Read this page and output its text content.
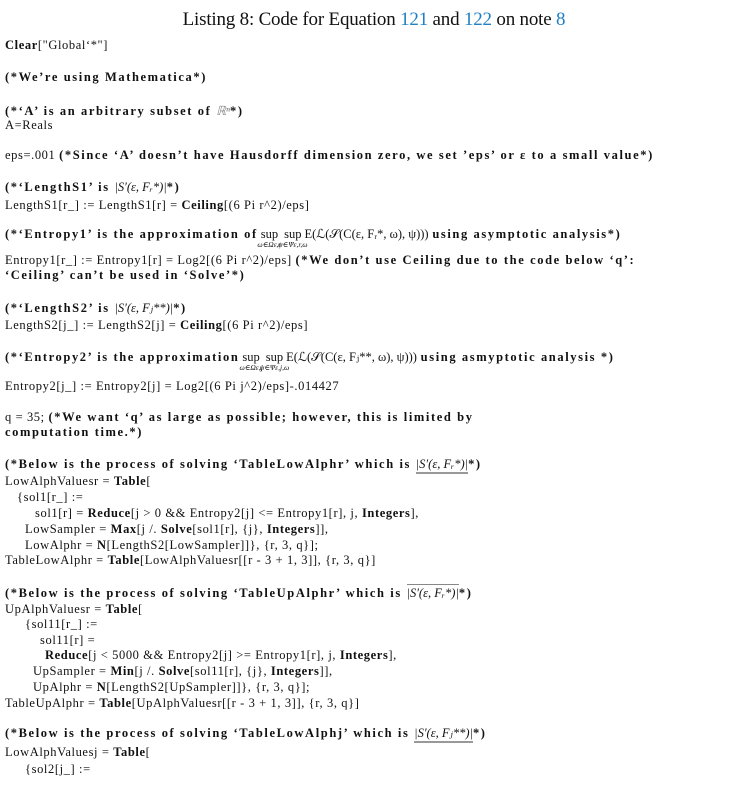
Listing 8: Code for Equation 121 and 122 on note 8
Clear["Global‘*"]
(*We’re using Mathematica*)
(*‘A’ is an arbitrary subset of ℝⁿ*)
A=Reals
eps=.001 (*Since ‘A’ doesn’t have Hausdorff dimension zero, we set ’eps’ or ε to a small value*)
(*‘LengthS1’ is |S′(ε, Fᵣ*)|*)
LengthS1[r_] := LengthS1[r] = Ceiling[(6 Pi r^2)/eps]
(*‘Entropy1’ is the approximation of sup
ω∈Ωε,r
sup
ψ∈Ψε,r,ω
E(ℒ(𝒮(C(ε, Fᵣ*, ω), ψ))) using asymptotic analysis*)
Entropy1[r_] := Entropy1[r] = Log2[(6 Pi r^2)/eps] (*We don’t use Ceiling due to the code below ‘q’:
‘Ceiling’ can’t be used in ‘Solve’*)
(*‘LengthS2’ is |S′(ε, Fⱼ**)|*)
LengthS2[j_] := LengthS2[j] = Ceiling[(6 Pi r^2)/eps]
(*‘Entropy2’ is the approximation sup
ω∈Ωε,j
sup
ψ∈Ψε,j,ω
E(ℒ(𝒮(C(ε, Fⱼ**, ω), ψ))) using asmyptotic analysis *)
Entropy2[j_] := Entropy2[j] = Log2[(6 Pi j^2)/eps]-.014427
q = 35; (*We want ‘q’ as large as possible; however, this is limited by
computation time.*)
(*Below is the process of solving ‘TableLowAlphr’ which is |S′(ε, Fᵣ*)|*)
LowAlphValuesr = Table[
{sol1[r_] :=
sol1[r] = Reduce[j > 0 && Entropy2[j] <= Entropy1[r], j, Integers],
LowSampler = Max[j /. Solve[sol1[r], {j}, Integers]],
LowAlphr = N[LengthS2[LowSampler]]}, {r, 3, q}];
TableLowAlphr = Table[LowAlphValuesr[[r - 3 + 1, 3]], {r, 3, q}]
(*Below is the process of solving ‘TableUpAlphr’ which is |S′(ε, Fᵣ*)|*)
UpAlphValuesr = Table[
{sol11[r_] :=
sol11[r] =
Reduce[j < 5000 && Entropy2[j] >= Entropy1[r], j, Integers],
UpSampler = Min[j /. Solve[sol11[r], {j}, Integers]],
UpAlphr = N[LengthS2[UpSampler]]}, {r, 3, q}];
TableUpAlphr = Table[UpAlphValuesr[[r - 3 + 1, 3]], {r, 3, q}]
(*Below is the process of solving ‘TableLowAlphj’ which is |S′(ε, Fⱼ**)|*)
LowAlphValuesj = Table[
{sol2[j_] :=
